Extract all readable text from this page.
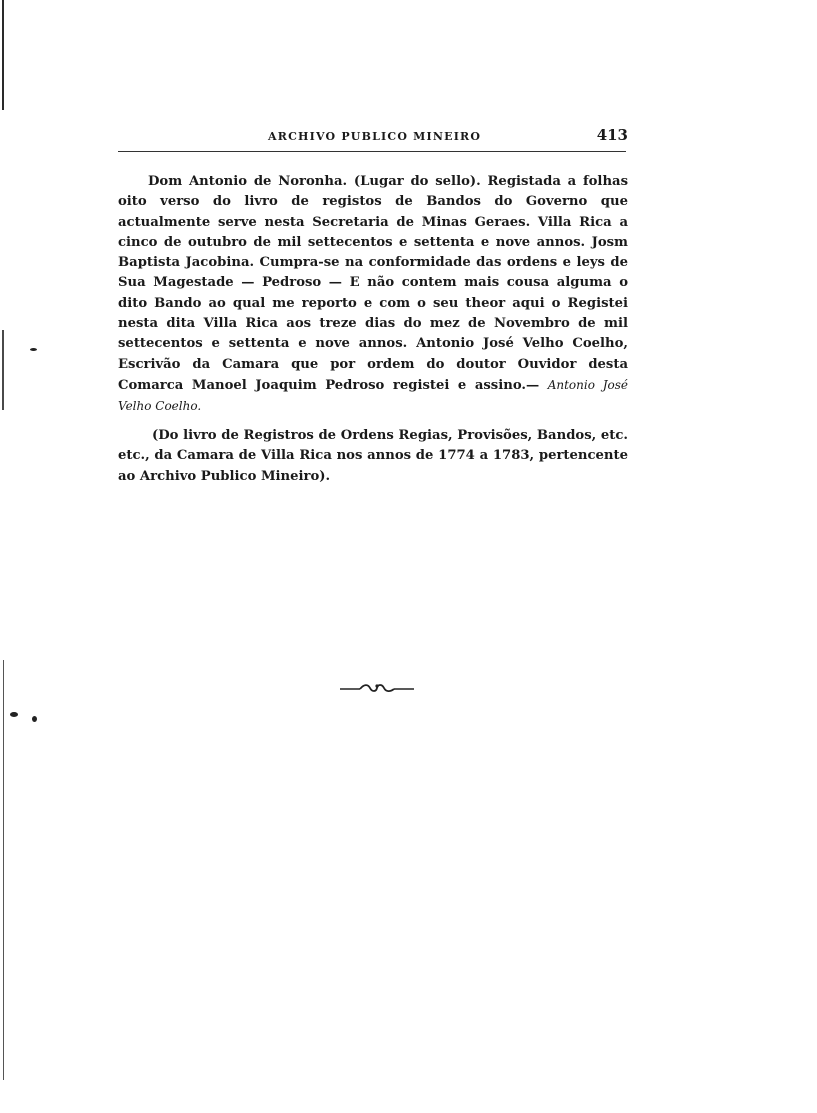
ARCHIVO PUBLICO MINEIRO	413

Dom Antonio de Noronha. (Lugar do sello). Registada a folhas oito verso do livro de registos de Bandos do Governo que actualmente serve nesta Secretaria de Minas Geraes. Villa Rica a cinco de outubro de mil settecentos e settenta e nove annos. Josm Baptista Jacobina. Cumpra-se na conformidade das ordens e leys de Sua Magestade — Pedroso — E não contem mais cousa alguma o dito Bando ao qual me reporto e com o seu theor aqui o Registei nesta dita Villa Rica aos treze dias do mez de Novembro de mil settecentos e settenta e nove annos. Antonio José Velho Coelho, Escrivão da Camara que por ordem do doutor Ouvidor desta Comarca Manoel Joaquim Pedroso registei e assino.— Antonio José Velho Coelho.

(Do livro de Registros de Ordens Regias, Provisões, Bandos, etc. etc., da Camara de Villa Rica nos annos de 1774 a 1783, pertencente ao Archivo Publico Mineiro).
